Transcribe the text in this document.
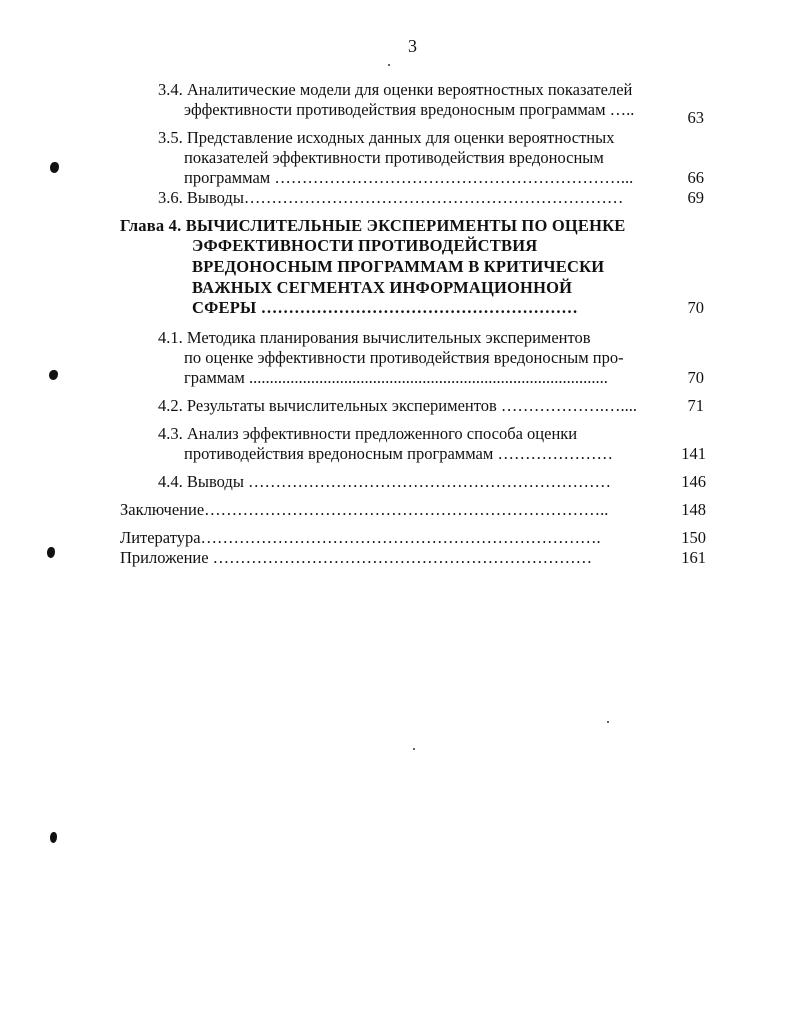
3
3.4. Аналитические модели для оценки вероятностных показателей
эффективности противодействия вредоносным программам …..	63
3.5. Представление исходных данных для оценки вероятностных
показателей эффективности противодействия вредоносным
программам ………………………………………………………...	66
3.6. Выводы……………………………………………………………	69
Глава 4. ВЫЧИСЛИТЕЛЬНЫЕ ЭКСПЕРИМЕНТЫ ПО ОЦЕНКЕ
ЭФФЕКТИВНОСТИ ПРОТИВОДЕЙСТВИЯ
ВРЕДОНОСНЫМ ПРОГРАММАМ В КРИТИЧЕСКИ
ВАЖНЫХ СЕГМЕНТАХ ИНФОРМАЦИОННОЙ
СФЕРЫ …………………………………………………	70
4.1. Методика планирования вычислительных экспериментов
по оценке эффективности противодействия вредоносным про-
граммам .......................................................................................	70
4.2. Результаты вычислительных экспериментов ……………….…....	71
4.3. Анализ эффективности предложенного способа оценки
противодействия вредоносным программам …………………	141
4.4. Выводы …………………………………………………………	146
Заключение………………………………………………………………..	148
Литература……………………………………………………………….	150
Приложение ……………………………………………………………	161
